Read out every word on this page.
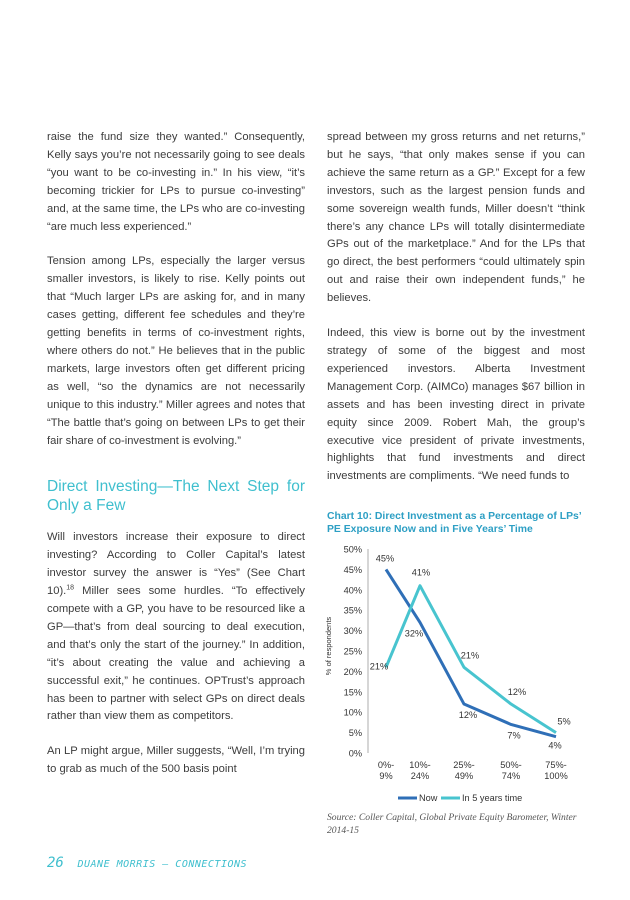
raise the fund size they wanted.” Consequently, Kelly says you’re not necessarily going to see deals “you want to be co-investing in.” In his view, “it’s becoming trickier for LPs to pursue co-investing” and, at the same time, the LPs who are co-investing “are much less experienced.”

Tension among LPs, especially the larger versus smaller investors, is likely to rise. Kelly points out that “Much larger LPs are asking for, and in many cases getting, different fee schedules and they’re getting benefits in terms of co-investment rights, where others do not.” He believes that in the public markets, large investors often get different pricing as well, “so the dynamics are not necessarily unique to this industry.” Miller agrees and notes that “The battle that’s going on between LPs to get their fair share of co-investment is evolving.”

Direct Investing—The Next Step for Only a Few

Will investors increase their exposure to direct investing? According to Coller Capital’s latest investor survey the answer is “Yes” (See Chart 10).$^{18}$ Miller sees some hurdles. “To effectively compete with a GP, you have to be resourced like a GP—that’s from deal sourcing to deal execution, and that’s only the start of the journey.” In addition, “it’s about creating the value and achieving a successful exit,” he continues. OPTrust’s approach has been to partner with select GPs on direct deals rather than view them as competitors.

An LP might argue, Miller suggests, “Well, I’m trying to grab as much of the 500 basis point

spread between my gross returns and net returns,” but he says, “that only makes sense if you can achieve the same return as a GP.” Except for a few investors, such as the largest pension funds and some sovereign wealth funds, Miller doesn’t “think there’s any chance LPs will totally disintermediate GPs out of the marketplace.” And for the LPs that go direct, the best performers “could ultimately spin out and raise their own independent funds,” he believes.

Indeed, this view is borne out by the investment strategy of some of the biggest and most experienced investors. Alberta Investment Management Corp. (AIMCo) manages $67 billion in assets and has been investing direct in private equity since 2009. Robert Mah, the group’s executive vice president of private investments, highlights that fund investments and direct investments are compliments. “We need funds to

Chart 10: Direct Investment as a Percentage of LPs’ PE Exposure Now and in Five Years’ Time
0%
5%
10%
15%
20%
25%
30%
35%
40%
45%
50%
% of respondents
0%-
9%
10%-
24%
25%-
49%
50%-
74%
75%-
100%
45%
32%
12%
7%
4%
21%
41%
21%
12%
5%
Now	In 5 years time
Source: Coller Capital, Global Private Equity Barometer, Winter 2014-15
26 DUANE MORRIS — CONNECTIONS
